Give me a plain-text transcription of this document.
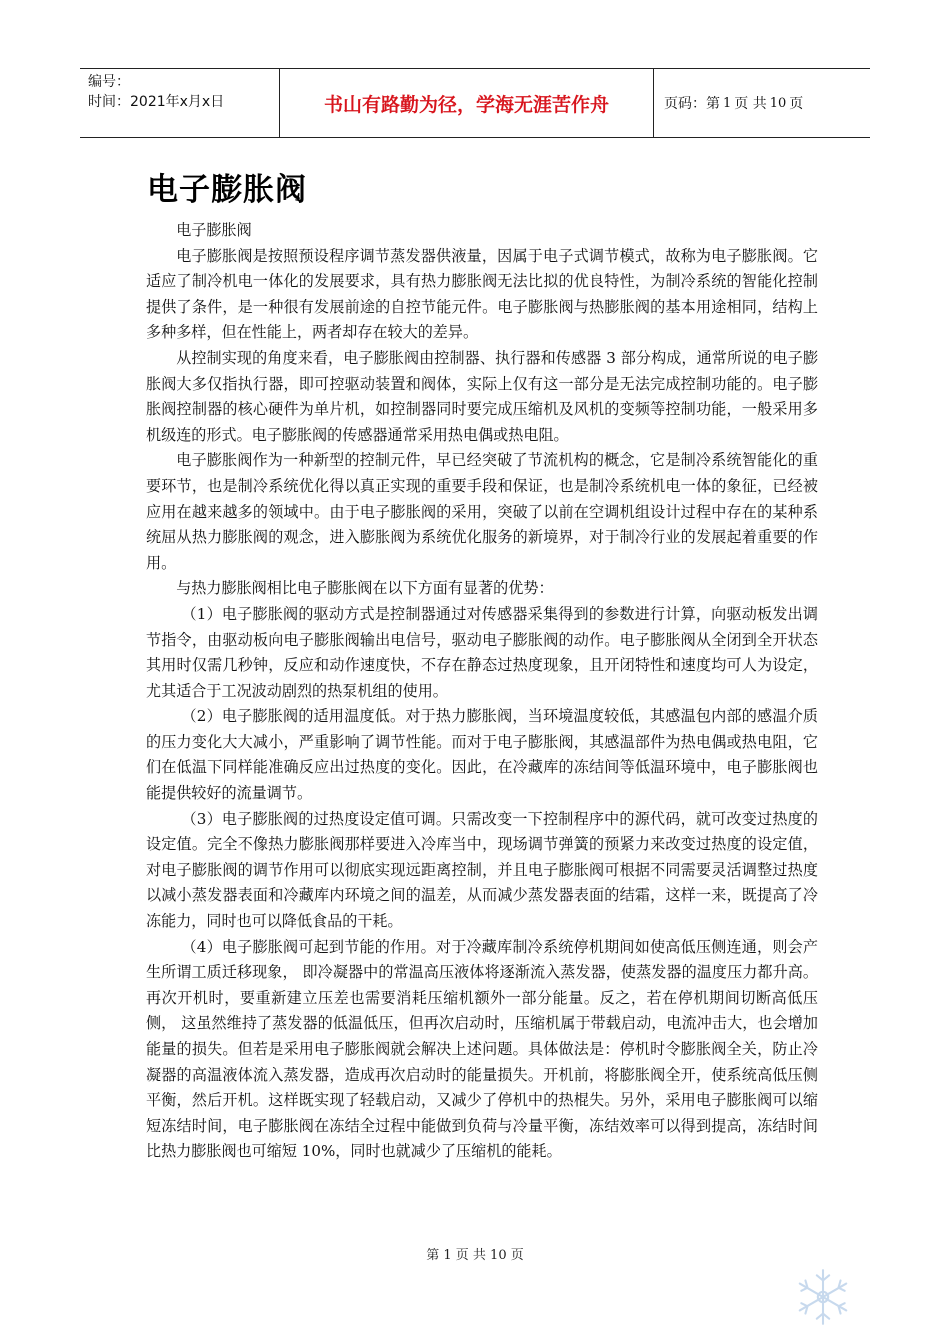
编号：
时间：2021年x月x日	书山有路勤为径，学海无涯苦作舟	页码：第 1 页 共 10 页
电子膨胀阀

电子膨胀阀

电子膨胀阀是按照预设程序调节蒸发器供液量，因属于电子式调节模式，故称为电子膨胀阀。它适应了制冷机电一体化的发展要求，具有热力膨胀阀无法比拟的优良特性，为制冷系统的智能化控制提供了条件，是一种很有发展前途的自控节能元件。电子膨胀阀与热膨胀阀的基本用途相同，结构上多种多样，但在性能上，两者却存在较大的差异。

从控制实现的角度来看，电子膨胀阀由控制器、执行器和传感器 3 部分构成，通常所说的电子膨胀阀大多仅指执行器，即可控驱动装置和阀体，实际上仅有这一部分是无法完成控制功能的。电子膨胀阀控制器的核心硬件为单片机，如控制器同时要完成压缩机及风机的变频等控制功能，一般采用多机级连的形式。电子膨胀阀的传感器通常采用热电偶或热电阻。

电子膨胀阀作为一种新型的控制元件，早已经突破了节流机构的概念，它是制冷系统智能化的重要环节，也是制冷系统优化得以真正实现的重要手段和保证，也是制冷系统机电一体的象征，已经被应用在越来越多的领域中。由于电子膨胀阀的采用，突破了以前在空调机组设计过程中存在的某种系统屈从热力膨胀阀的观念，进入膨胀阀为系统优化服务的新境界，对于制冷行业的发展起着重要的作用。

与热力膨胀阀相比电子膨胀阀在以下方面有显著的优势：

（1）电子膨胀阀的驱动方式是控制器通过对传感器采集得到的参数进行计算，向驱动板发出调节指令，由驱动板向电子膨胀阀输出电信号，驱动电子膨胀阀的动作。电子膨胀阀从全闭到全开状态其用时仅需几秒钟，反应和动作速度快，不存在静态过热度现象，且开闭特性和速度均可人为设定，尤其适合于工况波动剧烈的热泵机组的使用。

（2）电子膨胀阀的适用温度低。对于热力膨胀阀，当环境温度较低，其感温包内部的感温介质的压力变化大大减小，严重影响了调节性能。而对于电子膨胀阀，其感温部件为热电偶或热电阻，它们在低温下同样能准确反应出过热度的变化。因此，在冷藏库的冻结间等低温环境中，电子膨胀阀也能提供较好的流量调节。

（3）电子膨胀阀的过热度设定值可调。只需改变一下控制程序中的源代码，就可改变过热度的设定值。完全不像热力膨胀阀那样要进入冷库当中，现场调节弹簧的预紧力来改变过热度的设定值，对电子膨胀阀的调节作用可以彻底实现远距离控制，并且电子膨胀阀可根据不同需要灵活调整过热度以减小蒸发器表面和冷藏库内环境之间的温差，从而减少蒸发器表面的结霜，这样一来，既提高了冷冻能力，同时也可以降低食品的干耗。

（4）电子膨胀阀可起到节能的作用。对于冷藏库制冷系统停机期间如使高低压侧连通，则会产生所谓工质迁移现象， 即冷凝器中的常温高压液体将逐渐流入蒸发器，使蒸发器的温度压力都升高。再次开机时，要重新建立压差也需要消耗压缩机额外一部分能量。反之，若在停机期间切断高低压侧， 这虽然维持了蒸发器的低温低压，但再次启动时，压缩机属于带载启动，电流冲击大，也会增加能量的损失。但若是采用电子膨胀阀就会解决上述问题。具体做法是：停机时令膨胀阀全关，防止冷凝器的高温液体流入蒸发器，造成再次启动时的能量损失。开机前，将膨胀阀全开，使系统高低压侧平衡，然后开机。这样既实现了轻载启动，又减少了停机中的热棍失。另外，采用电子膨胀阀可以缩短冻结时间，电子膨胀阀在冻结全过程中能做到负荷与冷量平衡，冻结效率可以得到提高，冻结时间比热力膨胀阀也可缩短 10%，同时也就减少了压缩机的能耗。

第 1 页 共 10 页
